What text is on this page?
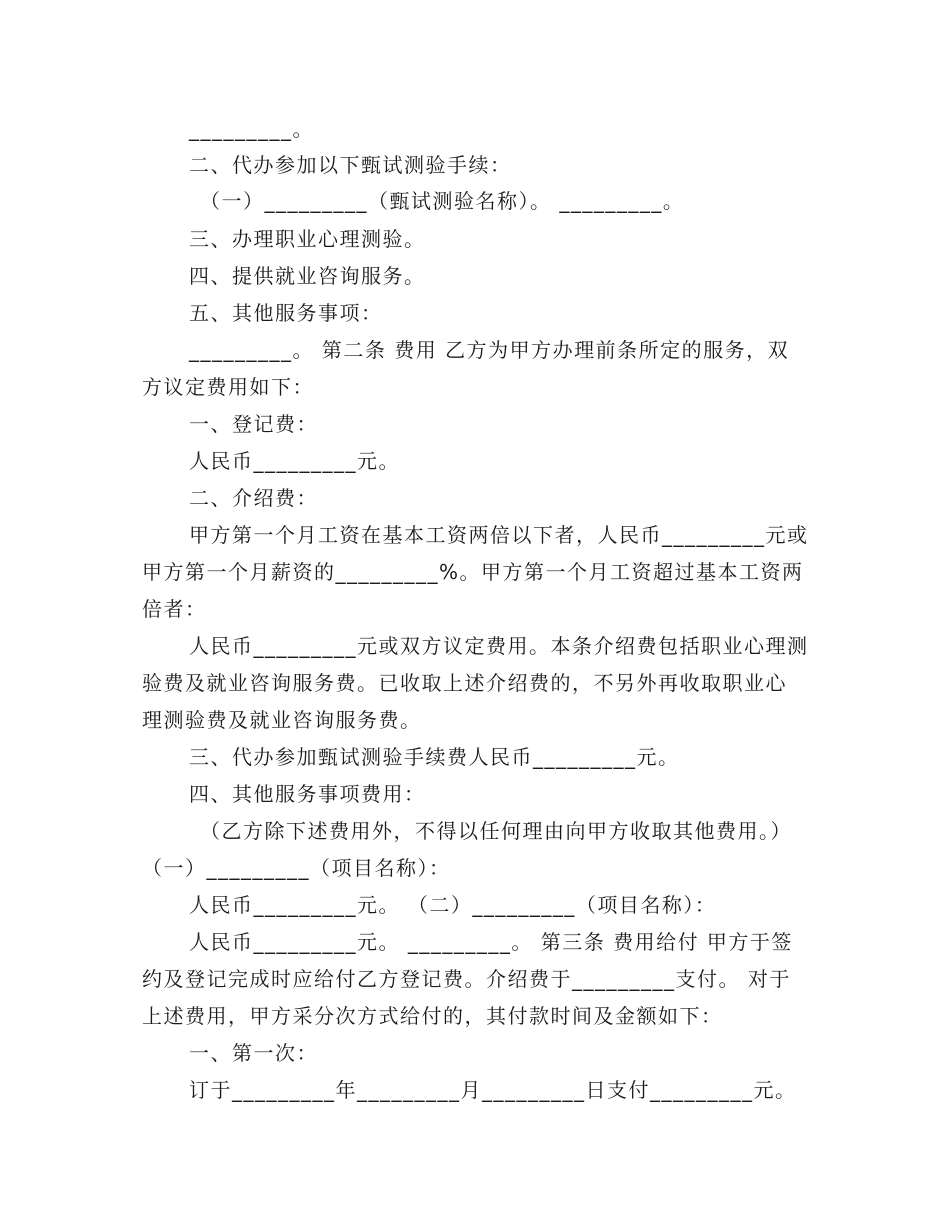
_________。
二、代办参加以下甄试测验手续：
（一）_________（甄试测验名称）。 _________。
三、办理职业心理测验。
四、提供就业咨询服务。
五、其他服务事项：
_________。 第二条 费用 乙方为甲方办理前条所定的服务，双
方议定费用如下：
一、登记费：
人民币_________元。
二、介绍费：
甲方第一个月工资在基本工资两倍以下者，人民币_________元或
甲方第一个月薪资的_________%。甲方第一个月工资超过基本工资两
倍者：
人民币_________元或双方议定费用。本条介绍费包括职业心理测
验费及就业咨询服务费。已收取上述介绍费的，不另外再收取职业心
理测验费及就业咨询服务费。
三、代办参加甄试测验手续费人民币_________元。
四、其他服务事项费用：
（乙方除下述费用外，不得以任何理由向甲方收取其他费用。）
（一）_________（项目名称）：
人民币_________元。 （二）_________（项目名称）：
人民币_________元。 _________。 第三条 费用给付 甲方于签
约及登记完成时应给付乙方登记费。介绍费于_________支付。 对于
上述费用，甲方采分次方式给付的，其付款时间及金额如下：
一、第一次：
订于_________年_________月_________日支付_________元。
